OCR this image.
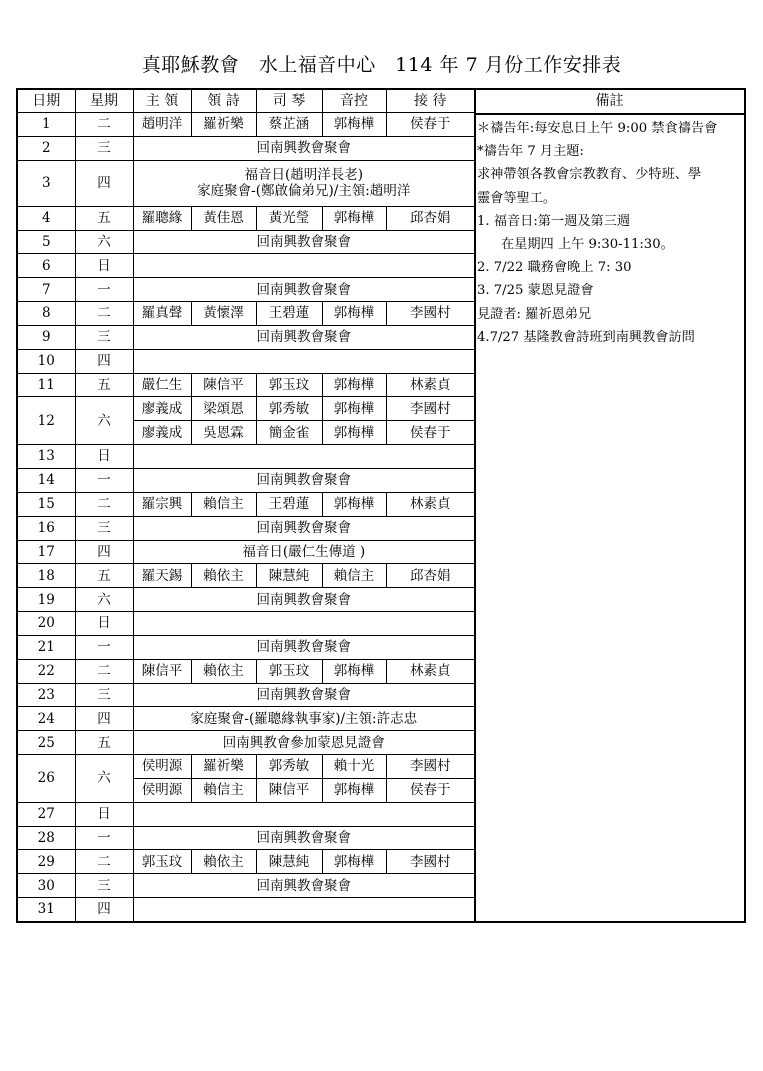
真耶穌教會　水上福音中心　114 年 7 月份工作安排表
日期	星期	主 領	領 詩	司 琴	音控	接 待
1	二	趙明洋	羅祈樂	蔡芷涵	郭梅樺	侯春于
2	三	回南興教會聚會				

3	四	福音日(趙明洋長老)
家庭聚會-(鄭啟倫弟兄)/主領:趙明洋				

4	五	羅聰緣	黃佳恩	黃光瑩	郭梅樺	邱杏娟
5	六	回南興教會聚會				

6	日					

7	一	回南興教會聚會				

8	二	羅真聲	黃懷澤	王碧蓮	郭梅樺	李國村
9	三	回南興教會聚會				

10	四					

11	五	嚴仁生	陳信平	郭玉玟	郭梅樺	林素貞
12	六	廖義成	梁頌恩	郭秀敏	郭梅樺	李國村
		廖義成	吳恩霖	簡金雀	郭梅樺	侯春于
13	日					

14	一	回南興教會聚會				

15	二	羅宗興	賴信主	王碧蓮	郭梅樺	林素貞
16	三	回南興教會聚會				

17	四	福音日(嚴仁生傳道 )				

18	五	羅天錫	賴依主	陳慧純	賴信主	邱杏娟
19	六	回南興教會聚會				

20	日					

21	一	回南興教會聚會				

22	二	陳信平	賴依主	郭玉玟	郭梅樺	林素貞
23	三	回南興教會聚會				

24	四	家庭聚會-(羅聰緣執事家)/主領:許志忠				

25	五	回南興教會參加蒙恩見證會				

26	六	侯明源	羅祈樂	郭秀敏	賴十光	李國村
		侯明源	賴信主	陳信平	郭梅樺	侯春于
27	日					

28	一	回南興教會聚會				

29	二	郭玉玟	賴依主	陳慧純	郭梅樺	李國村
30	三	回南興教會聚會				

31	四					
備註
＊禱告年:每安息日上午 9:00 禁食禱告會
*禱告年 7 月主題:
求神帶領各教會宗教教育、少特班、學
靈會等聖工。
1. 福音日:第一週及第三週
在星期四 上午 9:30-11:30。
2. 7/22 職務會晚上 7: 30
3. 7/25 蒙恩見證會
見證者: 羅祈恩弟兄
4.7/27 基隆教會詩班到南興教會訪問
